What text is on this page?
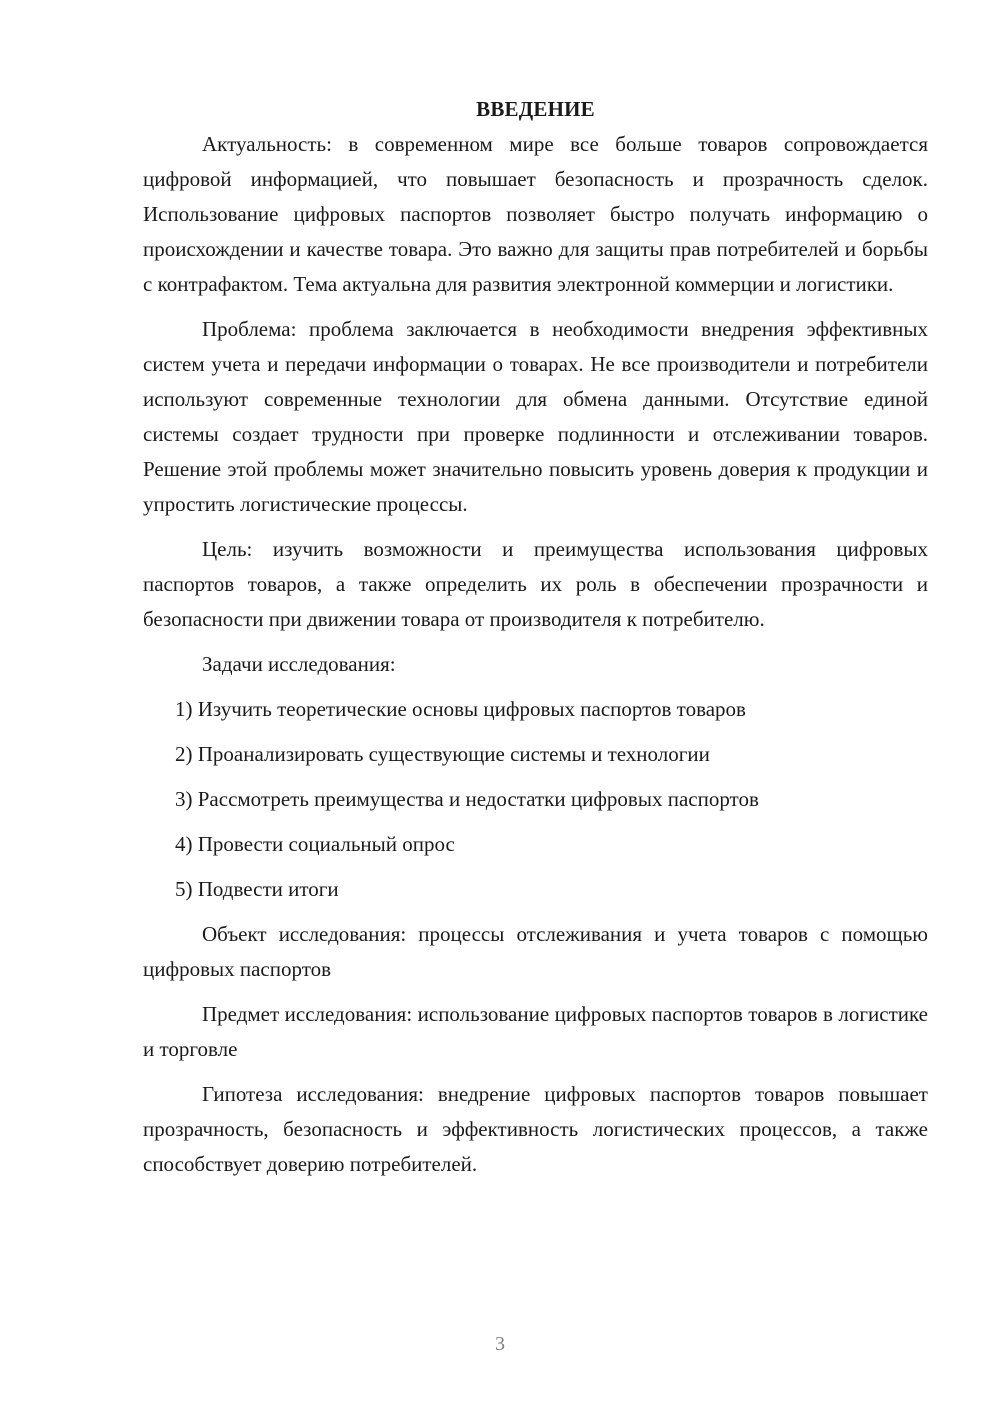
ВВЕДЕНИЕ

Актуальность: в современном мире все больше товаров сопровождается цифровой информацией, что повышает безопасность и прозрачность сделок. Использование цифровых паспортов позволяет быстро получать информацию о происхождении и качестве товара. Это важно для защиты прав потребителей и борьбы с контрафактом. Тема актуальна для развития электронной коммерции и логистики.

Проблема: проблема заключается в необходимости внедрения эффективных систем учета и передачи информации о товарах. Не все производители и потребители используют современные технологии для обмена данными. Отсутствие единой системы создает трудности при проверке подлинности и отслеживании товаров. Решение этой проблемы может значительно повысить уровень доверия к продукции и упростить логистические процессы.

Цель: изучить возможности и преимущества использования цифровых паспортов товаров, а также определить их роль в обеспечении прозрачности и безопасности при движении товара от производителя к потребителю.

Задачи исследования:
1) Изучить теоретические основы цифровых паспортов товаров
2) Проанализировать существующие системы и технологии
3) Рассмотреть преимущества и недостатки цифровых паспортов
4) Провести социальный опрос
5) Подвести итоги

Объект исследования: процессы отслеживания и учета товаров с помощью цифровых паспортов

Предмет исследования: использование цифровых паспортов товаров в логистике и торговле

Гипотеза исследования: внедрение цифровых паспортов товаров повышает прозрачность, безопасность и эффективность логистических процессов, а также способствует доверию потребителей.

3
